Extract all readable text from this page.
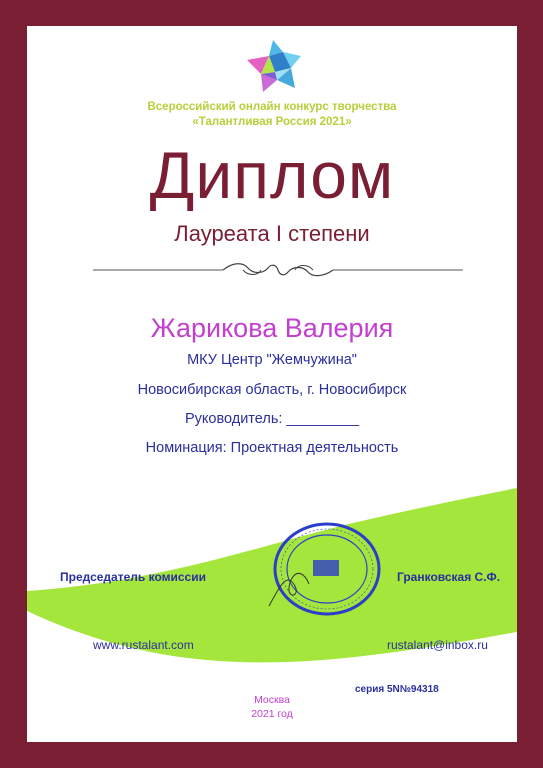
Всероссийский онлайн конкурс творчества
«Талантливая Россия 2021»
Диплом
Лауреата I степени
Жарикова Валерия
МКУ Центр "Жемчужина"
Новосибирская область, г. Новосибирск
Руководитель: _________
Номинация: Проектная деятельность
Председатель комиссии	Гранковская С.Ф.
www.rustalant.com	rustalant@inbox.ru
серия 5N№94318
Москва
2021 год
